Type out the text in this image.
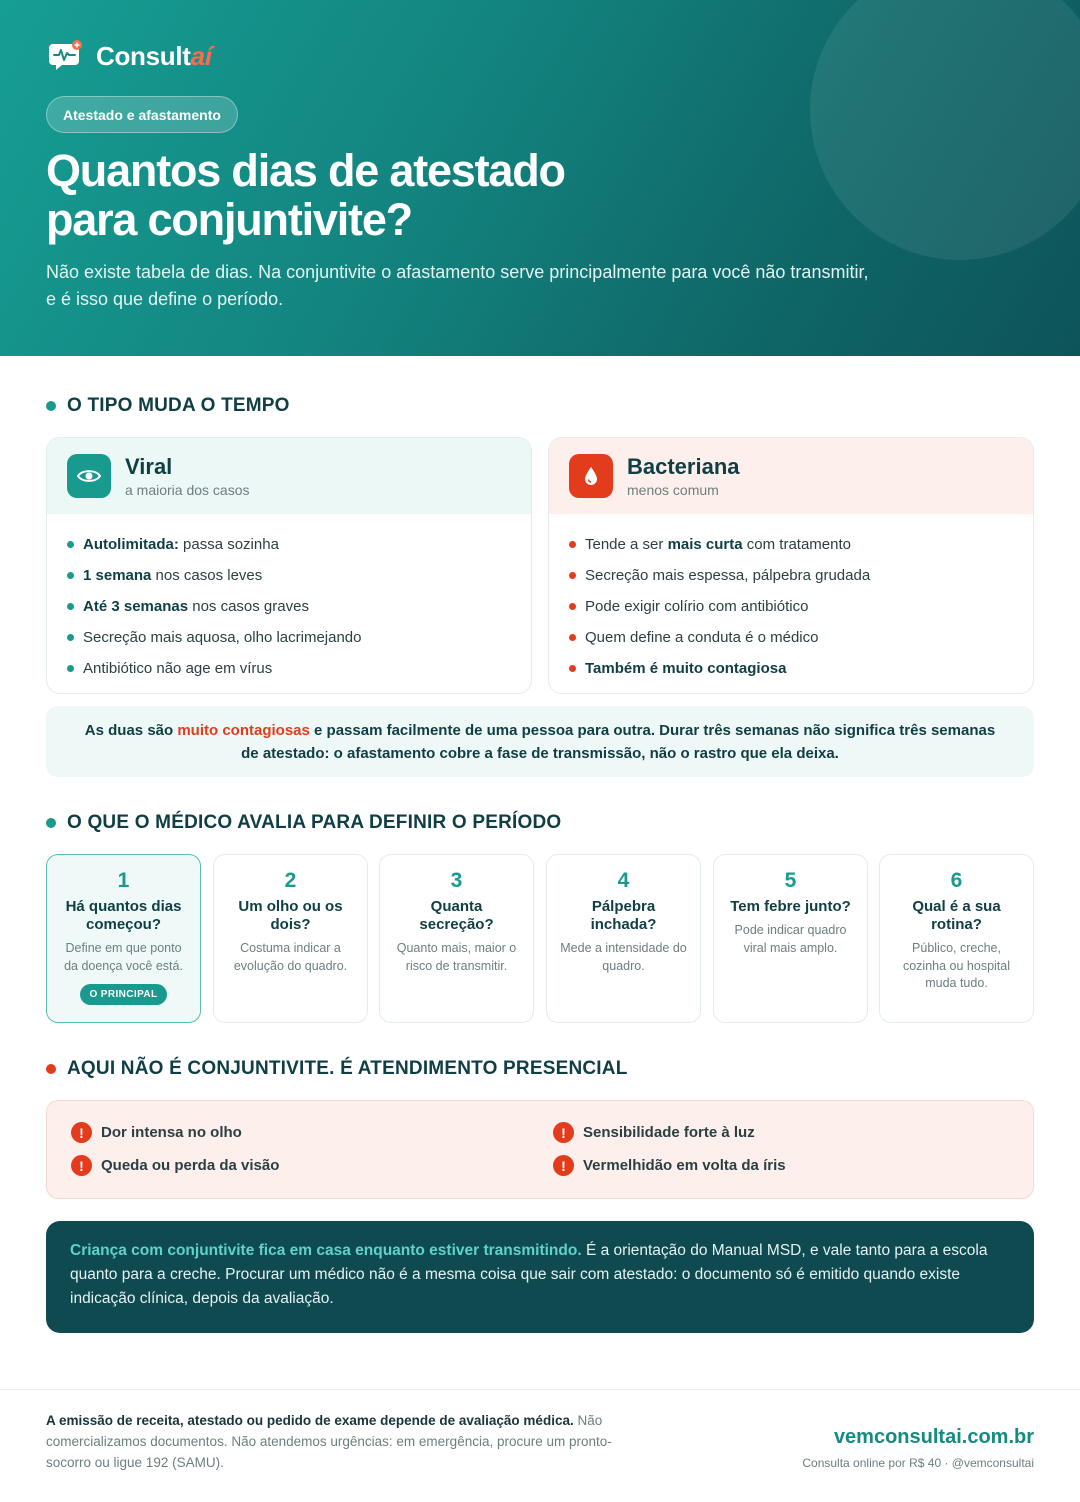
Consultaí
Atestado e afastamento
Quantos dias de atestado
para conjuntivite?

Não existe tabela de dias. Na conjuntivite o afastamento serve principalmente para você não transmitir, e é isso que define o período.

O TIPO MUDA O TEMPO
Viral
a maioria dos casos
Autolimitada: passa sozinha
1 semana nos casos leves
Até 3 semanas nos casos graves
Secreção mais aquosa, olho lacrimejando
Antibiótico não age em vírus
Bacteriana
menos comum
Tende a ser mais curta com tratamento
Secreção mais espessa, pálpebra grudada
Pode exigir colírio com antibiótico
Quem define a conduta é o médico
Também é muito contagiosa

As duas são muito contagiosas e passam facilmente de uma pessoa para outra. Durar três semanas não significa três semanas de atestado: o afastamento cobre a fase de transmissão, não o rastro que ela deixa.

O QUE O MÉDICO AVALIA PARA DEFINIR O PERÍODO
1
Há quantos dias começou?
Define em que ponto da doença você está.
O PRINCIPAL
2
Um olho ou os dois?
Costuma indicar a evolução do quadro.
3
Quanta secreção?
Quanto mais, maior o risco de transmitir.
4
Pálpebra inchada?
Mede a intensidade do quadro.
5
Tem febre junto?
Pode indicar quadro viral mais amplo.
6
Qual é a sua rotina?
Público, creche, cozinha ou hospital muda tudo.
AQUI NÃO É CONJUNTIVITE. É ATENDIMENTO PRESENCIAL
!	Dor intensa no olho	!	Sensibilidade forte à luz
!	Queda ou perda da visão	!	Vermelhidão em volta da íris

Criança com conjuntivite fica em casa enquanto estiver transmitindo. É a orientação do Manual MSD, e vale tanto para a escola quanto para a creche. Procurar um médico não é a mesma coisa que sair com atestado: o documento só é emitido quando existe indicação clínica, depois da avaliação.

A emissão de receita, atestado ou pedido de exame depende de avaliação médica. Não comercializamos documentos. Não atendemos urgências: em emergência, procure um pronto-socorro ou ligue 192 (SAMU).

vemconsultai.com.br
Consulta online por R$ 40 · @vemconsultai
